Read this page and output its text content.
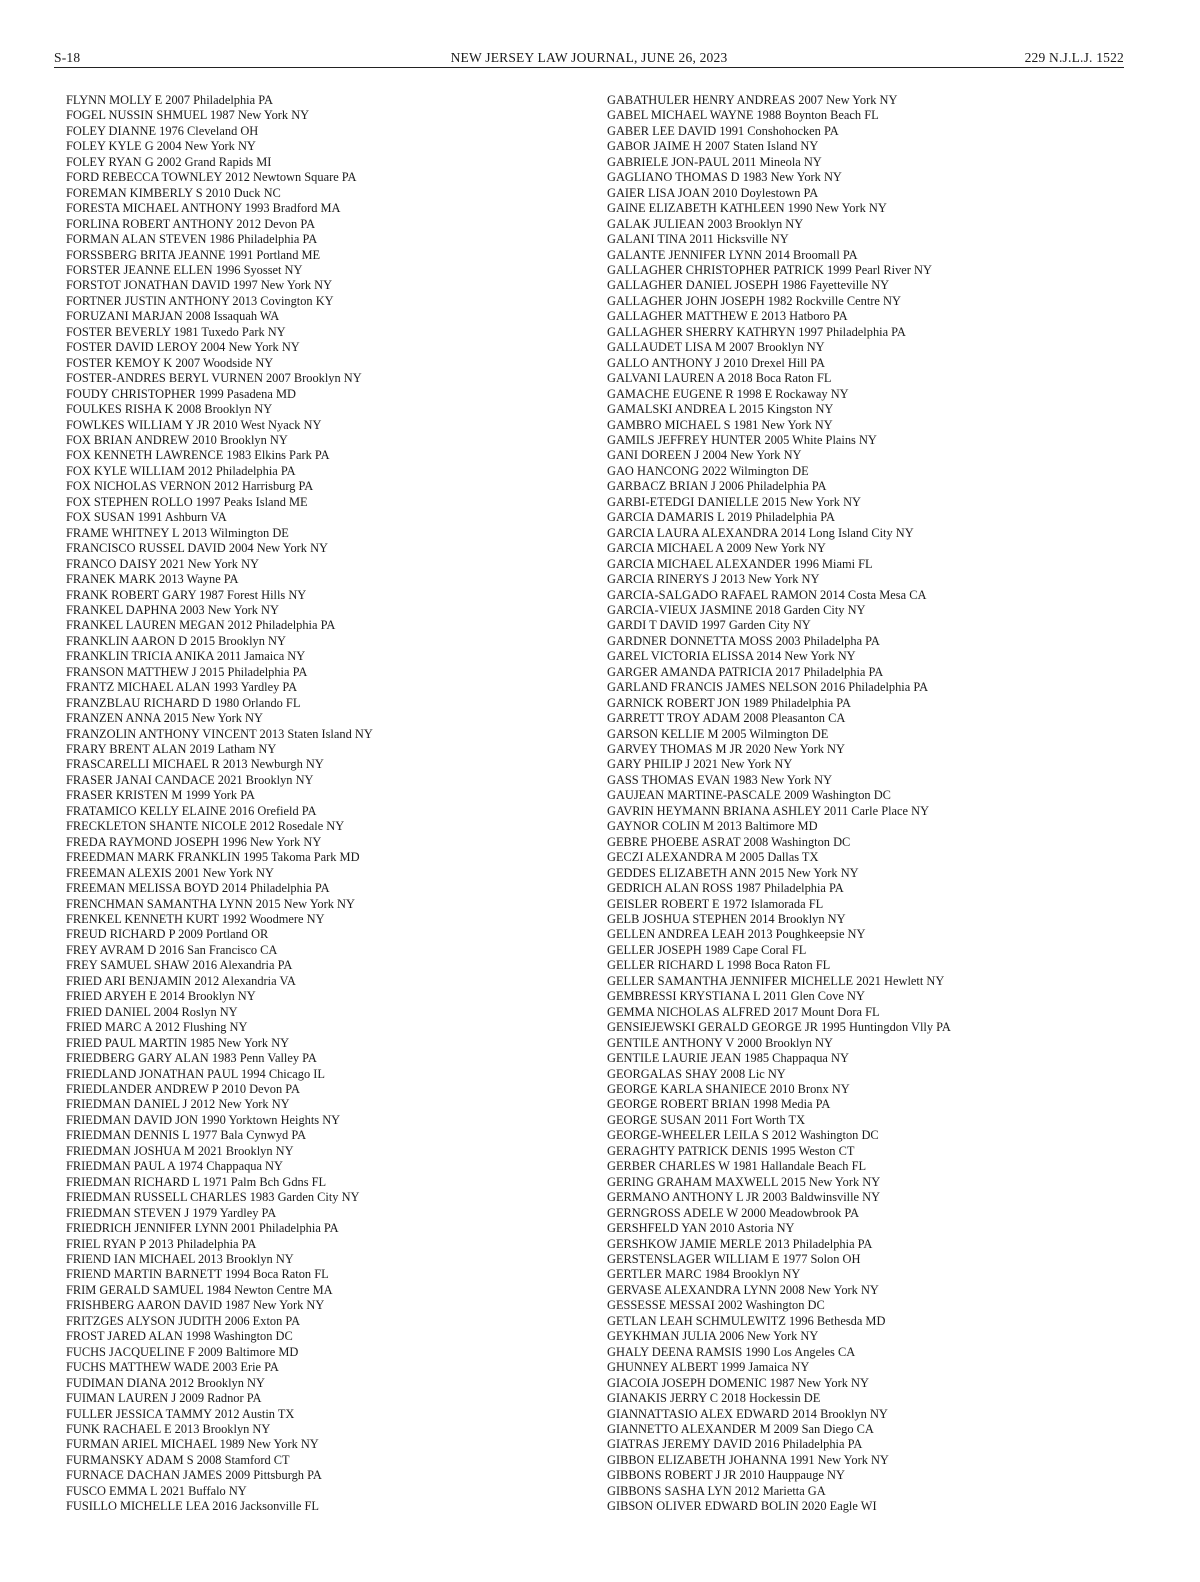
S-18	NEW JERSEY LAW JOURNAL, JUNE 26, 2023	229 N.J.L.J. 1522
FLYNN MOLLY E 2007 Philadelphia PA
FOGEL NUSSIN SHMUEL 1987 New York NY
FOLEY DIANNE 1976 Cleveland OH
FOLEY KYLE G 2004 New York NY
FOLEY RYAN G 2002 Grand Rapids MI
FORD REBECCA TOWNLEY 2012 Newtown Square PA
FOREMAN KIMBERLY S 2010 Duck NC
FORESTA MICHAEL ANTHONY 1993 Bradford MA
FORLINA ROBERT ANTHONY 2012 Devon PA
FORMAN ALAN STEVEN 1986 Philadelphia PA
FORSSBERG BRITA JEANNE 1991 Portland ME
FORSTER JEANNE ELLEN 1996 Syosset NY
FORSTOT JONATHAN DAVID 1997 New York NY
FORTNER JUSTIN ANTHONY 2013 Covington KY
FORUZANI MARJAN 2008 Issaquah WA
FOSTER BEVERLY 1981 Tuxedo Park NY
FOSTER DAVID LEROY 2004 New York NY
FOSTER KEMOY K 2007 Woodside NY
FOSTER-ANDRES BERYL VURNEN 2007 Brooklyn NY
FOUDY CHRISTOPHER 1999 Pasadena MD
FOULKES RISHA K 2008 Brooklyn NY
FOWLKES WILLIAM Y JR 2010 West Nyack NY
FOX BRIAN ANDREW 2010 Brooklyn NY
FOX KENNETH LAWRENCE 1983 Elkins Park PA
FOX KYLE WILLIAM 2012 Philadelphia PA
FOX NICHOLAS VERNON 2012 Harrisburg PA
FOX STEPHEN ROLLO 1997 Peaks Island ME
FOX SUSAN 1991 Ashburn VA
FRAME WHITNEY L 2013 Wilmington DE
FRANCISCO RUSSEL DAVID 2004 New York NY
FRANCO DAISY 2021 New York NY
FRANEK MARK 2013 Wayne PA
FRANK ROBERT GARY 1987 Forest Hills NY
FRANKEL DAPHNA 2003 New York NY
FRANKEL LAUREN MEGAN 2012 Philadelphia PA
FRANKLIN AARON D 2015 Brooklyn NY
FRANKLIN TRICIA ANIKA 2011 Jamaica NY
FRANSON MATTHEW J 2015 Philadelphia PA
FRANTZ MICHAEL ALAN 1993 Yardley PA
FRANZBLAU RICHARD D 1980 Orlando FL
FRANZEN ANNA 2015 New York NY
FRANZOLIN ANTHONY VINCENT 2013 Staten Island NY
FRARY BRENT ALAN 2019 Latham NY
FRASCARELLI MICHAEL R 2013 Newburgh NY
FRASER JANAI CANDACE 2021 Brooklyn NY
FRASER KRISTEN M 1999 York PA
FRATAMICO KELLY ELAINE 2016 Orefield PA
FRECKLETON SHANTE NICOLE 2012 Rosedale NY
FREDA RAYMOND JOSEPH 1996 New York NY
FREEDMAN MARK FRANKLIN 1995 Takoma Park MD
FREEMAN ALEXIS 2001 New York NY
FREEMAN MELISSA BOYD 2014 Philadelphia PA
FRENCHMAN SAMANTHA LYNN 2015 New York NY
FRENKEL KENNETH KURT 1992 Woodmere NY
FREUD RICHARD P 2009 Portland OR
FREY AVRAM D 2016 San Francisco CA
FREY SAMUEL SHAW 2016 Alexandria PA
FRIED ARI BENJAMIN 2012 Alexandria VA
FRIED ARYEH E 2014 Brooklyn NY
FRIED DANIEL 2004 Roslyn NY
FRIED MARC A 2012 Flushing NY
FRIED PAUL MARTIN 1985 New York NY
FRIEDBERG GARY ALAN 1983 Penn Valley PA
FRIEDLAND JONATHAN PAUL 1994 Chicago IL
FRIEDLANDER ANDREW P 2010 Devon PA
FRIEDMAN DANIEL J 2012 New York NY
FRIEDMAN DAVID JON 1990 Yorktown Heights NY
FRIEDMAN DENNIS L 1977 Bala Cynwyd PA
FRIEDMAN JOSHUA M 2021 Brooklyn NY
FRIEDMAN PAUL A 1974 Chappaqua NY
FRIEDMAN RICHARD L 1971 Palm Bch Gdns FL
FRIEDMAN RUSSELL CHARLES 1983 Garden City NY
FRIEDMAN STEVEN J 1979 Yardley PA
FRIEDRICH JENNIFER LYNN 2001 Philadelphia PA
FRIEL RYAN P 2013 Philadelphia PA
FRIEND IAN MICHAEL 2013 Brooklyn NY
FRIEND MARTIN BARNETT 1994 Boca Raton FL
FRIM GERALD SAMUEL 1984 Newton Centre MA
FRISHBERG AARON DAVID 1987 New York NY
FRITZGES ALYSON JUDITH 2006 Exton PA
FROST JARED ALAN 1998 Washington DC
FUCHS JACQUELINE F 2009 Baltimore MD
FUCHS MATTHEW WADE 2003 Erie PA
FUDIMAN DIANA 2012 Brooklyn NY
FUIMAN LAUREN J 2009 Radnor PA
FULLER JESSICA TAMMY 2012 Austin TX
FUNK RACHAEL E 2013 Brooklyn NY
FURMAN ARIEL MICHAEL 1989 New York NY
FURMANSKY ADAM S 2008 Stamford CT
FURNACE DACHAN JAMES 2009 Pittsburgh PA
FUSCO EMMA L 2021 Buffalo NY
FUSILLO MICHELLE LEA 2016 Jacksonville FL
GABATHULER HENRY ANDREAS 2007 New York NY
GABEL MICHAEL WAYNE 1988 Boynton Beach FL
GABER LEE DAVID 1991 Conshohocken PA
GABOR JAIME H 2007 Staten Island NY
GABRIELE JON-PAUL 2011 Mineola NY
GAGLIANO THOMAS D 1983 New York NY
GAIER LISA JOAN 2010 Doylestown PA
GAINE ELIZABETH KATHLEEN 1990 New York NY
GALAK JULIEAN 2003 Brooklyn NY
GALANI TINA 2011 Hicksville NY
GALANTE JENNIFER LYNN 2014 Broomall PA
GALLAGHER CHRISTOPHER PATRICK 1999 Pearl River NY
GALLAGHER DANIEL JOSEPH 1986 Fayetteville NY
GALLAGHER JOHN JOSEPH 1982 Rockville Centre NY
GALLAGHER MATTHEW E 2013 Hatboro PA
GALLAGHER SHERRY KATHRYN 1997 Philadelphia PA
GALLAUDET LISA M 2007 Brooklyn NY
GALLO ANTHONY J 2010 Drexel Hill PA
GALVANI LAUREN A 2018 Boca Raton FL
GAMACHE EUGENE R 1998 E Rockaway NY
GAMALSKI ANDREA L 2015 Kingston NY
GAMBRO MICHAEL S 1981 New York NY
GAMILS JEFFREY HUNTER 2005 White Plains NY
GANI DOREEN J 2004 New York NY
GAO HANCONG 2022 Wilmington DE
GARBACZ BRIAN J 2006 Philadelphia PA
GARBI-ETEDGI DANIELLE 2015 New York NY
GARCIA DAMARIS L 2019 Philadelphia PA
GARCIA LAURA ALEXANDRA 2014 Long Island City NY
GARCIA MICHAEL A 2009 New York NY
GARCIA MICHAEL ALEXANDER 1996 Miami FL
GARCIA RINERYS J 2013 New York NY
GARCIA-SALGADO RAFAEL RAMON 2014 Costa Mesa CA
GARCIA-VIEUX JASMINE 2018 Garden City NY
GARDI T DAVID 1997 Garden City NY
GARDNER DONNETTA MOSS 2003 Philadelpha PA
GAREL VICTORIA ELISSA 2014 New York NY
GARGER AMANDA PATRICIA 2017 Philadelphia PA
GARLAND FRANCIS JAMES NELSON 2016 Philadelphia PA
GARNICK ROBERT JON 1989 Philadelphia PA
GARRETT TROY ADAM 2008 Pleasanton CA
GARSON KELLIE M 2005 Wilmington DE
GARVEY THOMAS M JR 2020 New York NY
GARY PHILIP J 2021 New York NY
GASS THOMAS EVAN 1983 New York NY
GAUJEAN MARTINE-PASCALE 2009 Washington DC
GAVRIN HEYMANN BRIANA ASHLEY 2011 Carle Place NY
GAYNOR COLIN M 2013 Baltimore MD
GEBRE PHOEBE ASRAT 2008 Washington DC
GECZI ALEXANDRA M 2005 Dallas TX
GEDDES ELIZABETH ANN 2015 New York NY
GEDRICH ALAN ROSS 1987 Philadelphia PA
GEISLER ROBERT E 1972 Islamorada FL
GELB JOSHUA STEPHEN 2014 Brooklyn NY
GELLEN ANDREA LEAH 2013 Poughkeepsie NY
GELLER JOSEPH 1989 Cape Coral FL
GELLER RICHARD L 1998 Boca Raton FL
GELLER SAMANTHA JENNIFER MICHELLE 2021 Hewlett NY
GEMBRESSI KRYSTIANA L 2011 Glen Cove NY
GEMMA NICHOLAS ALFRED 2017 Mount Dora FL
GENSIEJEWSKI GERALD GEORGE JR 1995 Huntingdon Vlly PA
GENTILE ANTHONY V 2000 Brooklyn NY
GENTILE LAURIE JEAN 1985 Chappaqua NY
GEORGALAS SHAY 2008 Lic NY
GEORGE KARLA SHANIECE 2010 Bronx NY
GEORGE ROBERT BRIAN 1998 Media PA
GEORGE SUSAN 2011 Fort Worth TX
GEORGE-WHEELER LEILA S 2012 Washington DC
GERAGHTY PATRICK DENIS 1995 Weston CT
GERBER CHARLES W 1981 Hallandale Beach FL
GERING GRAHAM MAXWELL 2015 New York NY
GERMANO ANTHONY L JR 2003 Baldwinsville NY
GERNGROSS ADELE W 2000 Meadowbrook PA
GERSHFELD YAN 2010 Astoria NY
GERSHKOW JAMIE MERLE 2013 Philadelphia PA
GERSTENSLAGER WILLIAM E 1977 Solon OH
GERTLER MARC 1984 Brooklyn NY
GERVASE ALEXANDRA LYNN 2008 New York NY
GESSESSE MESSAI 2002 Washington DC
GETLAN LEAH SCHMULEWITZ 1996 Bethesda MD
GEYKHMAN JULIA 2006 New York NY
GHALY DEENA RAMSIS 1990 Los Angeles CA
GHUNNEY ALBERT 1999 Jamaica NY
GIACOIA JOSEPH DOMENIC 1987 New York NY
GIANAKIS JERRY C 2018 Hockessin DE
GIANNATTASIO ALEX EDWARD 2014 Brooklyn NY
GIANNETTO ALEXANDER M 2009 San Diego CA
GIATRAS JEREMY DAVID 2016 Philadelphia PA
GIBBON ELIZABETH JOHANNA 1991 New York NY
GIBBONS ROBERT J JR 2010 Hauppauge NY
GIBBONS SASHA LYN 2012 Marietta GA
GIBSON OLIVER EDWARD BOLIN 2020 Eagle WI
